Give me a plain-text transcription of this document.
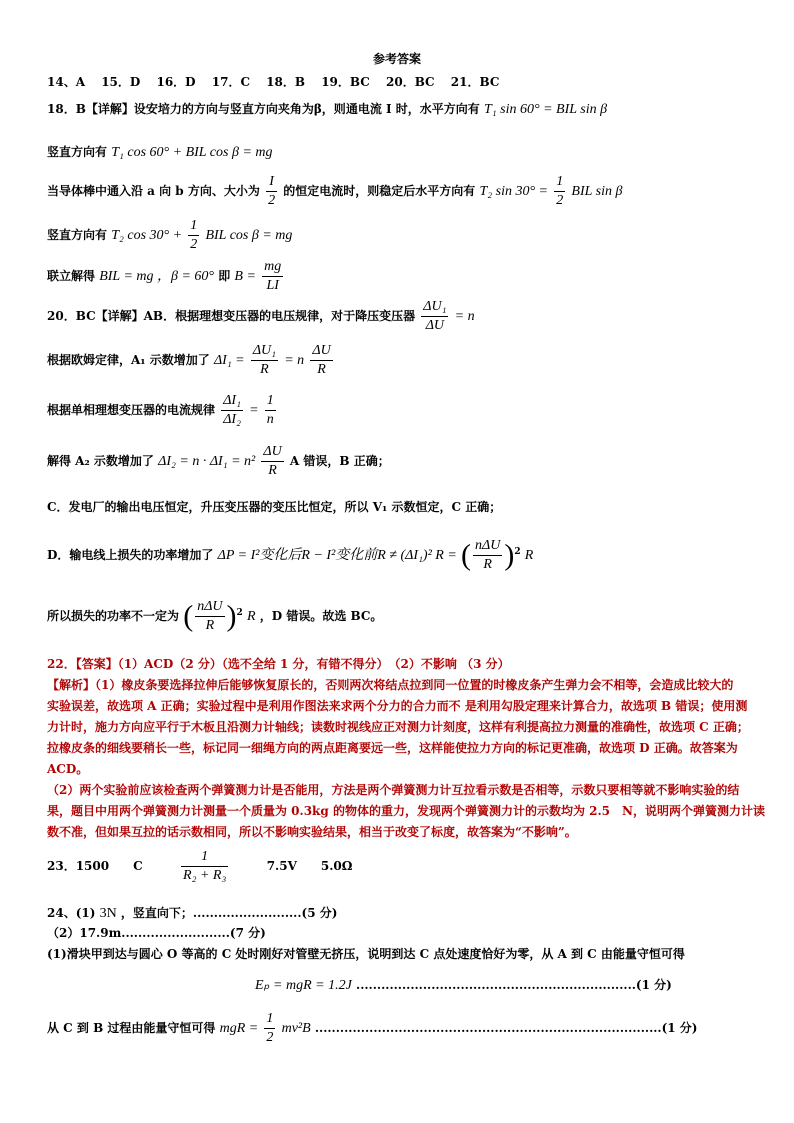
参考答案
14、A　 15．D　 16．D　 17．C　 18．B　 19．BC　 20．BC　 21．BC
18．B【详解】设安培力的方向与竖直方向夹角为β，则通电流 I 时，水平方向有 T₁ sin 60° = BIL sin β
竖直方向有 T₁ cos 60° + BIL cos β = mg
当导体棒中通入沿 a 向 b 方向、大小为 $\frac{I}{2}$ 的恒定电流时，则稳定后水平方向有 T₂ $\sin 30^\circ = \frac{1}{2}$ BIL sin β
竖直方向有 T₂ $\cos 30^\circ + \frac{1}{2}$ BIL cos β = mg
联立解得 BIL = mg ，β = 60° 即 $B = \frac{mg}{LI}$
20．BC【详解】AB．根据理想变压器的电压规律，对于降压变压器 $\frac{\text{ΔU₁}}{\Delta U} = n$
根据欧姆定律，A₁ 示数增加了 $\Delta I_1 = \frac{\text{ΔU₁}}{R} = n \frac{\Delta U}{R}$
根据单相理想变压器的电流规律 $\frac{\text{ΔI₁}}{\text{ΔI₂}} = \frac{1}{n}$
解得 A₂ 示数增加了 $\Delta I_2 = n \cdot \Delta I_1 = n^2 \frac{\Delta U}{R}$ A 错误，B 正确；
C．发电厂的输出电压恒定，升压变压器的变压比恒定，所以 V₁ 示数恒定，C 正确；
D．输电线上损失的功率增加了 ΔP = I²变化后R − I²变化前R ≠ (ΔI₁)² R = ( $\frac{\text{nΔU}}{R} )^2$ R
所以损失的功率不一定为 ( $\frac{\text{nΔU}}{R} )^2$ R ，D 错误。故选 BC。
22．【答案】（1）ACD（2 分）（选不全给 1 分，有错不得分）　（2）不影响 （3 分）
【解析】（1）橡皮条要选择拉伸后能够恢复原长的，否则两次将结点拉到同一位置的时橡皮条产生弹力会不相等，会造成比较大的
实验误差，故选项 A 正确；实验过程中是利用作图法来求两个分力的合力而不 是利用勾股定理来计算合力，故选项 B 错误；使用测
力计时，施力方向应平行于木板且沿测力计轴线；读数时视线应正对测力计刻度，这样有利提高拉力测量的准确性，故选项 C 正确；
拉橡皮条的细线要稍长一些，标记同一细绳方向的两点距离要远一些，这样能使拉力方向的标记更准确，故选项 D 正确。故答案为
ACD。
（2）两个实验前应该检查两个弹簧测力计是否能用，方法是两个弹簧测力计互拉看示数是否相等，示数只要相等就不影响实验的结
果，题目中用两个弹簧测力计测量一个质量为 0.3kg 的物体的重力，发现两个弹簧测力计的示数均为 2.5　N，说明两个弹簧测力计读
数不准，但如果互拉的话示数相同，所以不影响实验结果，相当于改变了标度，故答案为“不影响”。
23．1500　　C	$\frac{1}{\text{R₂ + R₃}}$	7.5V　　5.0Ω
24、(1) 3N ，竖直向下；..........................(5 分)
（2）17.9m..........................(7 分)
(1)滑块甲到达与圆心 O 等高的 C 处时刚好对管壁无挤压，说明到达 C 点处速度恰好为零，从 A 到 C 由能量守恒可得
Eₚ = mgR = 1.2J ...................................................................(1 分)
从 C 到 B 过程由能量守恒可得 mgR = $\frac{1}{2} mv^2B$ ...................................................................................(1 分)
